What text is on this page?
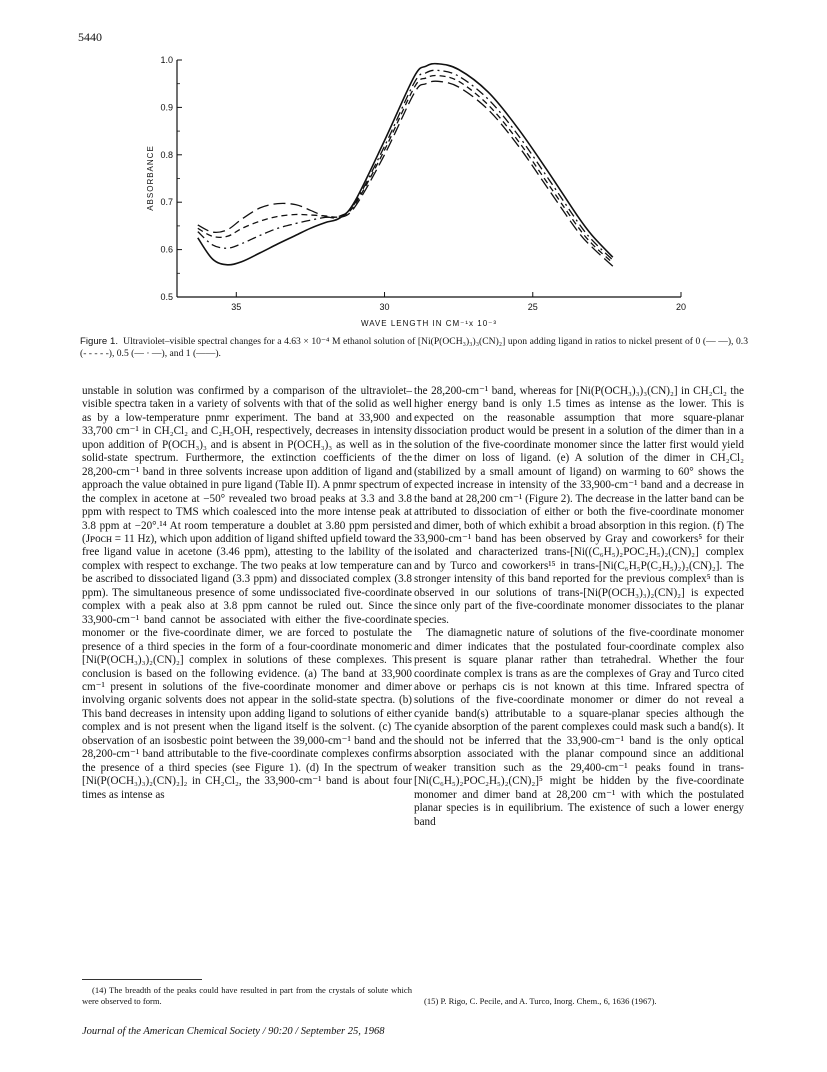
5440
0.5
0.6
0.7
0.8
0.9
1.0
35	30	25	20
ABSORBANCE
WAVE LENGTH IN CM⁻¹x 10⁻³
Figure 1. Ultraviolet–visible spectral changes for a 4.63 × 10⁻⁴ M ethanol solution of [Ni(P(OCH₃)₃)₃(CN)₂] upon adding ligand in ratios to nickel present of 0 (— —), 0.3 (- - - - -), 0.5 (— · —), and 1 (——).

unstable in solution was confirmed by a comparison of the ultraviolet–visible spectra taken in a variety of solvents with that of the solid as well as by a low-temperature pnmr experiment. The band at 33,900 and 33,700 cm⁻¹ in CH₂Cl₂ and C₂H₅OH, respectively, decreases in intensity upon addition of P(OCH₃)₃ and is absent in P(OCH₃)₃ as well as in the solid-state spectrum. Furthermore, the extinction coefficients of the 28,200-cm⁻¹ band in three solvents increase upon addition of ligand and approach the value obtained in pure ligand (Table II). A pnmr spectrum of the complex in acetone at −50° revealed two broad peaks at 3.3 and 3.8 ppm with respect to TMS which coalesced into the more intense peak at 3.8 ppm at −20°.¹⁴ At room temperature a doublet at 3.80 ppm persisted (Jᴘᴏᴄʜ = 11 Hz), which upon addition of ligand shifted upfield toward the free ligand value in acetone (3.46 ppm), attesting to the lability of the complex with respect to exchange. The two peaks at low temperature can be ascribed to dissociated ligand (3.3 ppm) and dissociated complex (3.8 ppm). The simultaneous presence of some undissociated five-coordinate complex with a peak also at 3.8 ppm cannot be ruled out. Since the 33,900-cm⁻¹ band cannot be associated with either the five-coordinate monomer or the five-coordinate dimer, we are forced to postulate the presence of a third species in the form of a four-coordinate monomeric [Ni(P(OCH₃)₃)₂(CN)₂] complex in solutions of these complexes. This conclusion is based on the following evidence. (a) The band at 33,900 cm⁻¹ present in solutions of the five-coordinate monomer and dimer involving organic solvents does not appear in the solid-state spectra. (b) This band decreases in intensity upon adding ligand to solutions of either complex and is not present when the ligand itself is the solvent. (c) The observation of an isosbestic point between the 39,000-cm⁻¹ band and the 28,200-cm⁻¹ band attributable to the five-coordinate complexes confirms the presence of a third species (see Figure 1). (d) In the spectrum of [Ni(P(OCH₃)₃)₂(CN)₂]₂ in CH₂Cl₂, the 33,900-cm⁻¹ band is about four times as intense as

the 28,200-cm⁻¹ band, whereas for [Ni(P(OCH₃)₃)₃(CN)₂] in CH₂Cl₂ the higher energy band is only 1.5 times as intense as the lower. This is expected on the reasonable assumption that more square-planar dissociation product would be present in a solution of the dimer than in a solution of the five-coordinate monomer since the latter first would yield the dimer on loss of ligand. (e) A solution of the dimer in CH₂Cl₂ (stabilized by a small amount of ligand) on warming to 60° shows the expected increase in intensity of the 33,900-cm⁻¹ band and a decrease in the band at 28,200 cm⁻¹ (Figure 2). The decrease in the latter band can be attributed to dissociation of either or both the five-coordinate monomer and dimer, both of which exhibit a broad absorption in this region. (f) The 33,900-cm⁻¹ band has been observed by Gray and coworkers⁵ for their isolated and characterized trans-[Ni((C₆H₅)₂POC₂H₅)₂(CN)₂] complex and by Turco and coworkers¹⁵ in trans-[Ni(C₆H₅P(C₂H₅)₂)₂(CN)₂]. The stronger intensity of this band reported for the previous complex⁵ than is observed in our solutions of trans-[Ni(P(OCH₃)₃)₂(CN)₂] is expected since only part of the five-coordinate monomer dissociates to the planar species.

The diamagnetic nature of solutions of the five-coordinate monomer and dimer indicates that the postulated four-coordinate complex also present is square planar rather than tetrahedral. Whether the four coordinate complex is trans as are the complexes of Gray and Turco cited above or perhaps cis is not known at this time. Infrared spectra of solutions of the five-coordinate monomer or dimer do not reveal a cyanide band(s) attributable to a square-planar species although the cyanide absorption of the parent complexes could mask such a band(s). It should not be inferred that the 33,900-cm⁻¹ band is the only optical absorption associated with the planar compound since an additional weaker transition such as the 29,400-cm⁻¹ peaks found in trans-[Ni(C₆H₅)₂POC₂H₅)₂(CN)₂]⁵ might be hidden by the five-coordinate monomer and dimer band at 28,200 cm⁻¹ with which the postulated planar species is in equilibrium. The existence of such a lower energy band

(14) The breadth of the peaks could have resulted in part from the crystals of solute which were observed to form.	(15) P. Rigo, C. Pecile, and A. Turco, Inorg. Chem., 6, 1636 (1967).
Journal of the American Chemical Society / 90:20 / September 25, 1968
